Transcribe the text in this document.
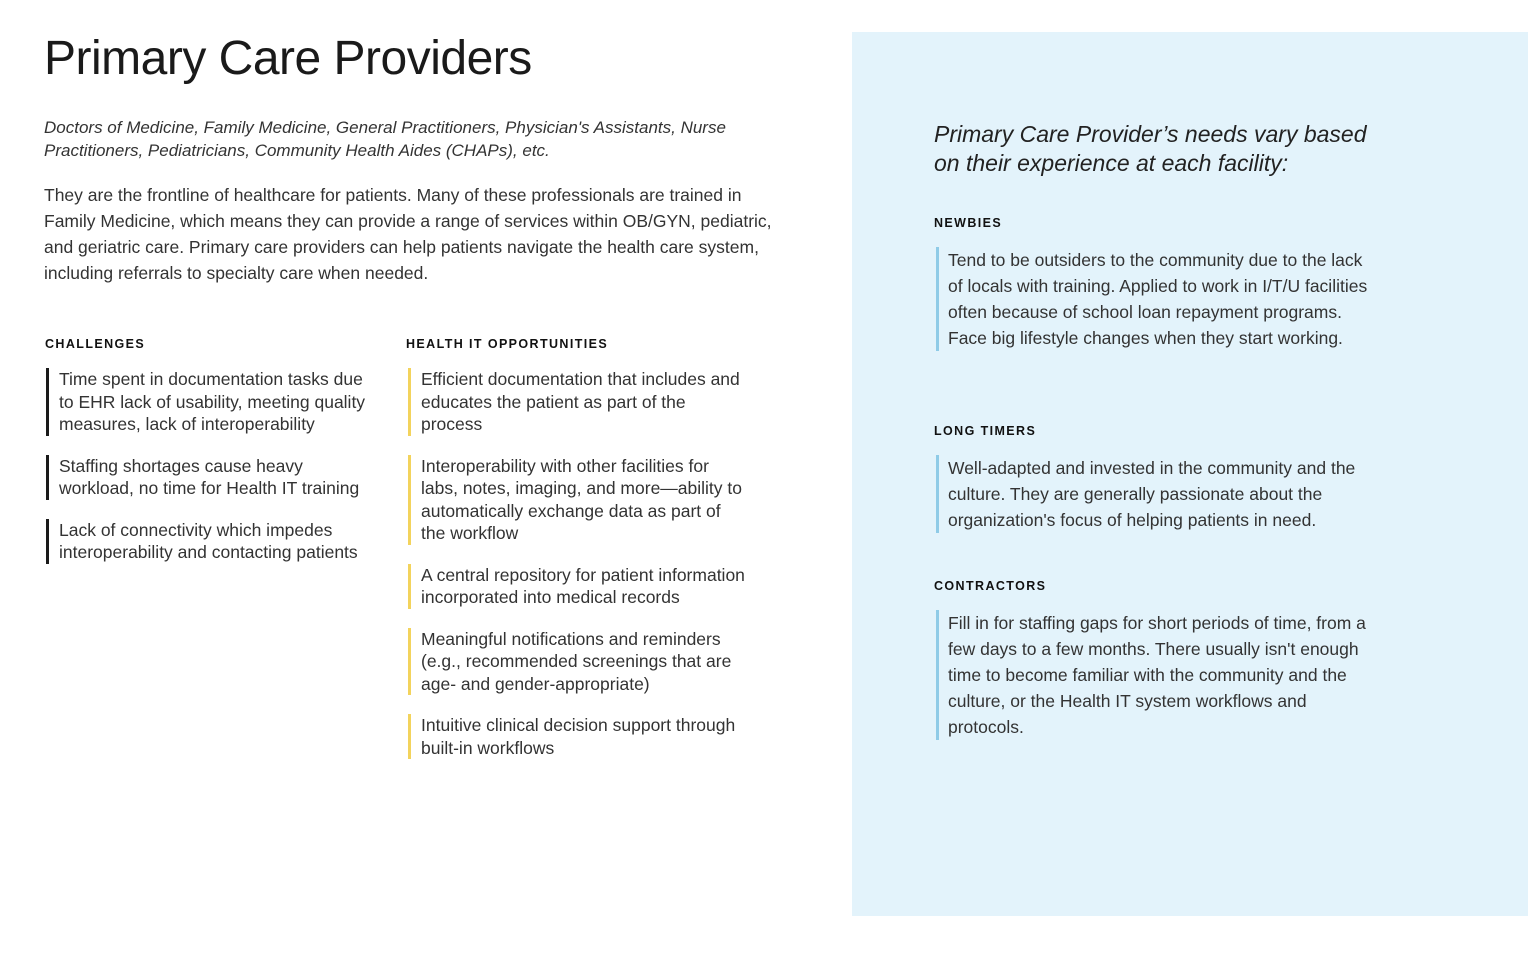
Primary Care Providers

Doctors of Medicine, Family Medicine, General Practitioners, Physician's Assistants, Nurse Practitioners, Pediatricians, Community Health Aides (CHAPs), etc.

They are the frontline of healthcare for patients. Many of these professionals are trained in Family Medicine, which means they can provide a range of services within OB/GYN, pediatric, and geriatric care. Primary care providers can help patients navigate the health care system, including referrals to specialty care when needed.

CHALLENGES
Time spent in documentation tasks due to EHR lack of usability, meeting quality measures, lack of interoperability
Staffing shortages cause heavy workload, no time for Health IT training
Lack of connectivity which impedes interoperability and contacting patients
HEALTH IT OPPORTUNITIES
Efficient documentation that includes and educates the patient as part of the process
Interoperability with other facilities for labs, notes, imaging, and more—ability to automatically exchange data as part of the workflow
A central repository for patient information incorporated into medical records
Meaningful notifications and reminders (e.g., recommended screenings that are age- and gender-appropriate)
Intuitive clinical decision support through built-in workflows

Primary Care Provider’s needs vary based on their experience at each facility:

NEWBIES

Tend to be outsiders to the community due to the lack of locals with training. Applied to work in I/T/U facilities often because of school loan repayment programs. Face big lifestyle changes when they start working.

LONG TIMERS

Well-adapted and invested in the community and the culture. They are generally passionate about the organization's focus of helping patients in need.

CONTRACTORS

Fill in for staffing gaps for short periods of time, from a few days to a few months. There usually isn't enough time to become familiar with the community and the culture, or the Health IT system workflows and protocols.
